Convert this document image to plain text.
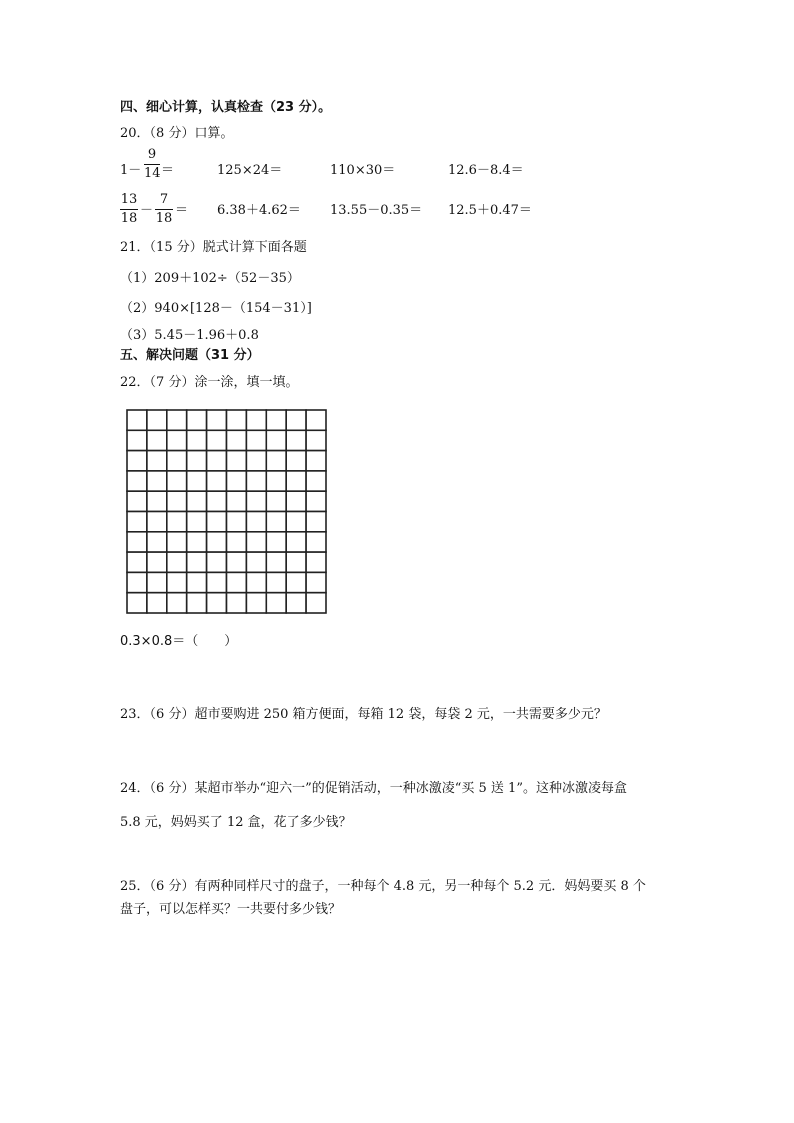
四、细心计算，认真检查（23 分）。
20．（8 分）口算。
1－
9
14 ＝	125×24＝	110×30＝	12.6－8.4＝
13
18
－
7
18
＝ 6.38＋4.62＝ 13.55－0.35＝ 12.5＋0.47＝
21．（15 分）脱式计算下面各题
（1）209＋102÷（52－35）
（2）940×[128－（154－31）]
（3）5.45－1.96＋0.8
五、解决问题（31 分）
22．（7 分）涂一涂，填一填。
0.3×0.8＝（　　）
23．（6 分）超市要购进 250 箱方便面，每箱 12 袋，每袋 2 元，一共需要多少元？
24．（6 分）某超市举办“迎六一”的促销活动，一种冰激凌“买 5 送 1”。这种冰激凌每盒
5.8 元，妈妈买了 12 盒，花了多少钱？
25．（6 分）有两种同样尺寸的盘子，一种每个 4.8 元，另一种每个 5.2 元．妈妈要买 8 个
盘子，可以怎样买？一共要付多少钱？
